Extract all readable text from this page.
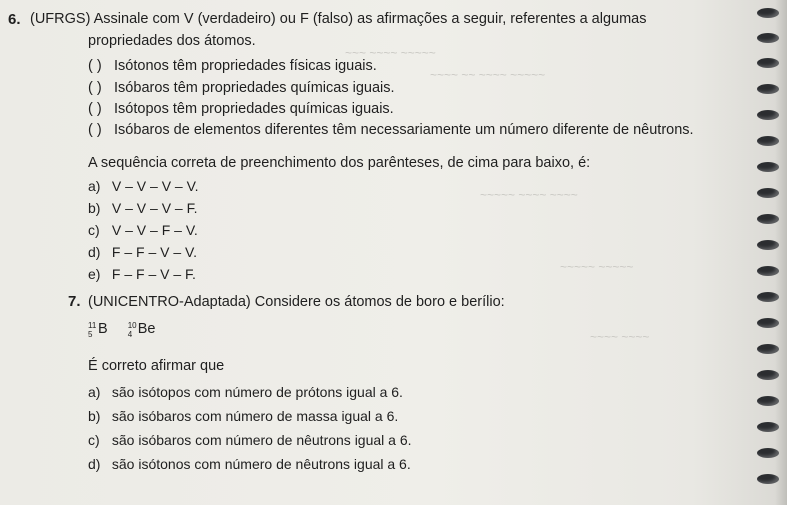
~~~ ~~~~ ~~~~~
~~~~ ~~ ~~~~ ~~~~~
~~~~~ ~~~~ ~~~~
~~~~~ ~~~~~
~~~~ ~~~~
6. (UFRGS) Assinale com V (verdadeiro) ou F (falso) as afirmações a seguir, referentes a algumas
propriedades dos átomos.
( ) Isótonos têm propriedades físicas iguais.
( ) Isóbaros têm propriedades químicas iguais.
( ) Isótopos têm propriedades químicas iguais.
( ) Isóbaros de elementos diferentes têm necessariamente um número diferente de nêutrons.
A sequência correta de preenchimento dos parênteses, de cima para baixo, é:
a) V – V – V – V.
b) V – V – V – F.
c) V – V – F – V.
d) F – F – V – V.
e) F – F – V – F.
7. (UNICENTRO-Adaptada) Considere os átomos de boro e berílio:
11
5 B	10
4 Be
É correto afirmar que
a) são isótopos com número de prótons igual a 6.
b) são isóbaros com número de massa igual a 6.
c) são isóbaros com número de nêutrons igual a 6.
d) são isótonos com número de nêutrons igual a 6.
